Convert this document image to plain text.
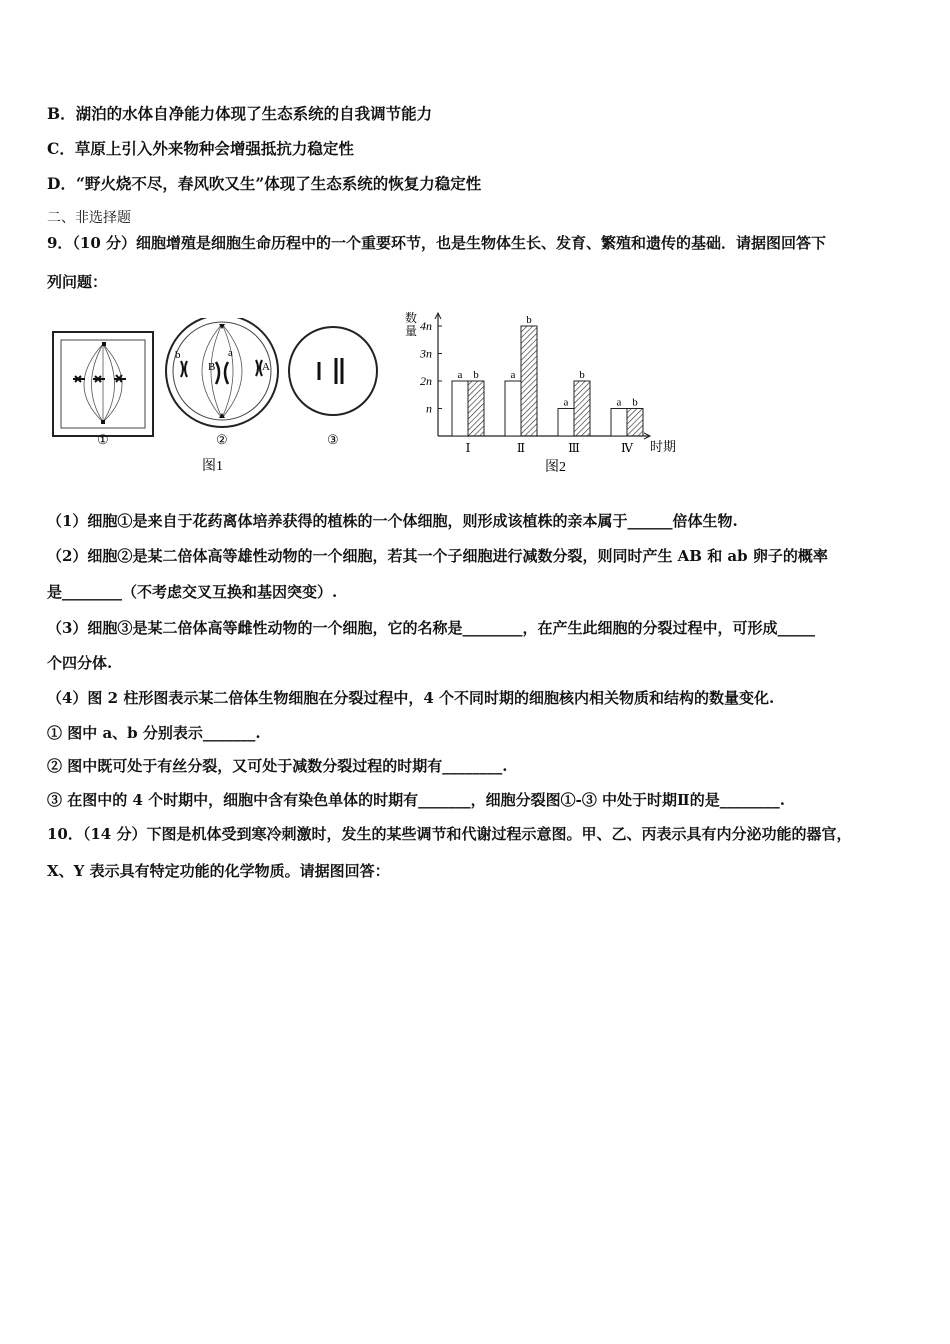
B．湖泊的水体自净能力体现了生态系统的自我调节能力
C．草原上引入外来物种会增强抵抗力稳定性
D．“野火烧不尽，春风吹又生”体现了生态系统的恢复力稳定性
二、非选择题
9．（10 分）细胞增殖是细胞生命历程中的一个重要环节，也是生物体生长、发育、繁殖和遗传的基础．请据图回答下
列问题：
①
b
B
a
A
②	③
图1
数
量
n
2n
3n
4n
a b
Ⅰ
a
b
Ⅱ
a
b
Ⅲ
a b
Ⅳ 时期
图2
（1）细胞①是来自于花药离体培养获得的植株的一个体细胞，则形成该植株的亲本属于______倍体生物.
（2）细胞②是某二倍体高等雄性动物的一个细胞，若其一个子细胞进行减数分裂，则同时产生 AB 和 ab 卵子的概率
是________（不考虑交叉互换和基因突变）.
（3）细胞③是某二倍体高等雌性动物的一个细胞，它的名称是________，在产生此细胞的分裂过程中，可形成_____
个四分体.
（4）图 2 柱形图表示某二倍体生物细胞在分裂过程中，4 个不同时期的细胞核内相关物质和结构的数量变化.
① 图中 a、b 分别表示_______.
② 图中既可处于有丝分裂，又可处于减数分裂过程的时期有________.
③ 在图中的 4 个时期中，细胞中含有染色单体的时期有_______，细胞分裂图①-③ 中处于时期Ⅱ的是________.
10．（14 分）下图是机体受到寒冷刺激时，发生的某些调节和代谢过程示意图。甲、乙、丙表示具有内分泌功能的器官，
X、Y 表示具有特定功能的化学物质。请据图回答：
